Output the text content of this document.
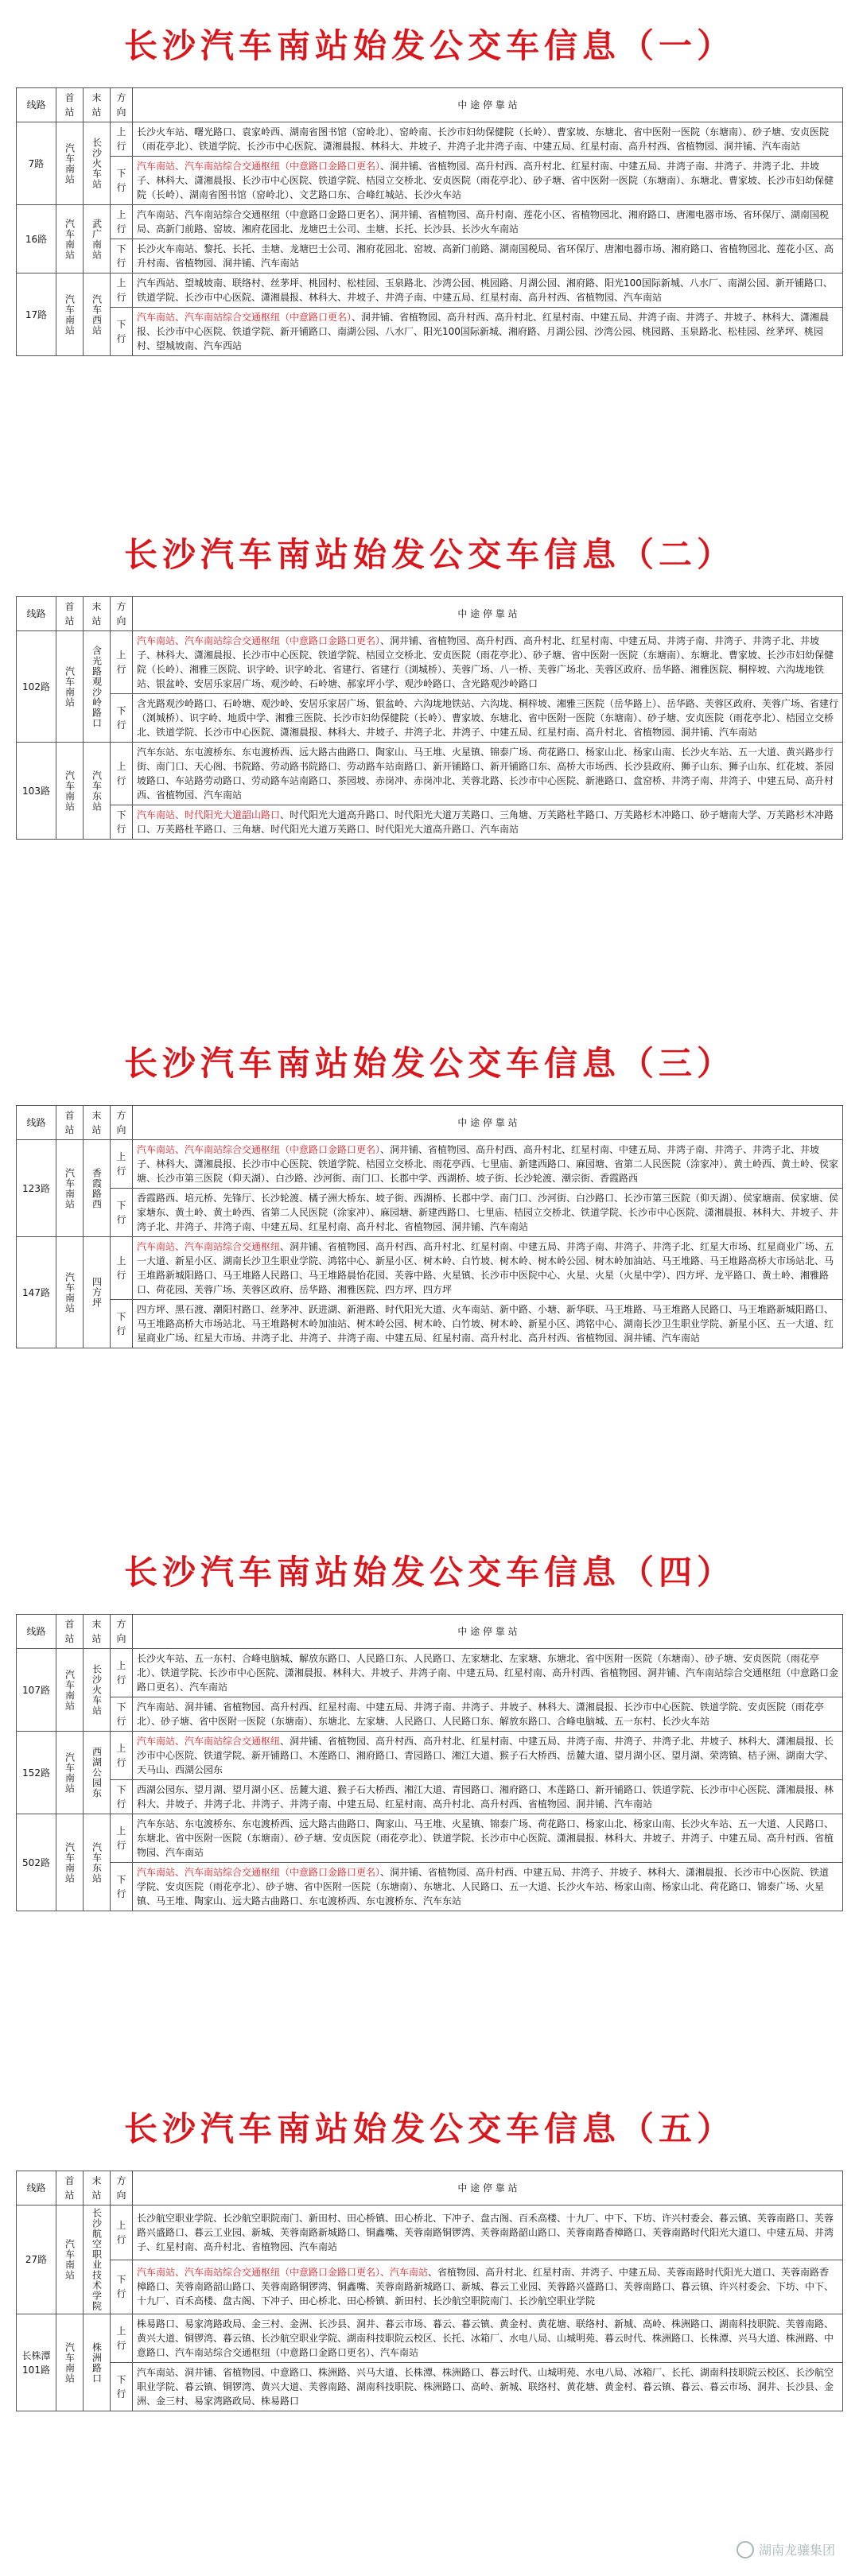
长沙汽车南站始发公交车信息（一）
线路	首站	末站	方向	中 途 停 靠 站
7路	汽车南站	长沙火车站	上行	长沙火车站、曙光路口、袁家岭西、湖南省图书馆（窑岭北）、窑岭南、长沙市妇幼保健院（长岭）、曹家坡、东塘北、省中医附一医院（东塘南）、砂子塘、安贞医院（雨花亭北）、铁道学院、长沙市中心医院、潇湘晨报、林科大、井坡子、井湾子北井湾子南、中建五局、红星村南、高升村西、省植物园、洞井铺、汽车南站
			下行	汽车南站、汽车南站综合交通枢纽（中意路口金路口更名）、洞井铺、省植物园、高升村西、高升村北、红星村南、中建五局、井湾子南、井湾子、井湾子北、井坡子、林科大、潇湘晨报、长沙市中心医院、铁道学院、桔园立交桥北、安贞医院（雨花亭北）、砂子塘、省中医附一医院（东塘南）、东塘北、曹家坡、长沙市妇幼保健院（长岭）、湖南省图书馆（窑岭北）、文艺路口东、合峰红城站、长沙火车站
16路	汽车南站	武广南站	上行	汽车南站、汽车南站综合交通枢纽（中意路口金路口更名）、洞井铺、省植物园、高升村南、莲花小区、省植物园北、湘府路口、唐湘电器市场、省环保厅、湖南国税局、高新门前路、窑坡、湘府花园北、龙塘巴士公司、圭塘、长托、长沙县、长沙火车南站
			下行	长沙火车南站、黎托、长托、圭塘、龙塘巴士公司、湘府花园北、窑坡、高新门前路、湖南国税局、省环保厅、唐湘电器市场、湘府路口、省植物园北、莲花小区、高升村南、省植物园、洞井铺、汽车南站
17路	汽车南站	汽车西站	上行	汽车西站、望城坡南、联络村、丝茅坪、桃园村、松桂园、玉泉路北、沙湾公园、桃园路、月湖公园、湘府路、阳光100国际新城、八水厂、南湖公园、新开铺路口、铁道学院、长沙市中心医院、潇湘晨报、林科大、井坡子、井湾子南、中建五局、红星村南、高升村西、省植物园、汽车南站
			下行	汽车南站、汽车南站综合交通枢纽（中意路口更名）、洞井铺、省植物园、高升村西、高升村北、红星村南、中建五局、井湾子南、井湾子、井坡子、林科大、潇湘晨报、长沙市中心医院、铁道学院、新开铺路口、南湖公园、八水厂、阳光100国际新城、湘府路、月湖公园、沙湾公园、桃园路、玉泉路北、松桂园、丝茅坪、桃园村、望城坡南、汽车西站
长沙汽车南站始发公交车信息（二）
线路	首站	末站	方向	中 途 停 靠 站
102路	汽车南站	含光路观沙岭路口	上行	汽车南站、汽车南站综合交通枢纽（中意路口金路口更名）、洞井铺、省植物园、高升村西、高升村北、红星村南、中建五局、井湾子南、井湾子、井湾子北、井坡子、林科大、潇湘晨报、长沙市中心医院、铁道学院、桔园立交桥北、安贞医院（雨花亭北）、砂子塘、省中医附一医院（东塘南）、东塘北、曹家坡、长沙市妇幼保健院（长岭）、湘雅三医院、识字岭、识字岭北、省建行、省建行（浏城桥）、芙蓉广场、八一桥、芙蓉广场北、芙蓉区政府、岳华路、湘雅医院、桐梓坡、六沟垅地铁站、银盆岭、安居乐家居广场、观沙岭、石岭塘、郝家坪小学、观沙岭路口、含光路观沙岭路口
			下行	含光路观沙岭路口、石岭塘、观沙岭、安居乐家居广场、银盆岭、六沟垅地铁站、六沟垅、桐梓坡、湘雅三医院（岳华路上）、岳华路、芙蓉区政府、芙蓉广场、省建行（浏城桥）、识字岭、地质中学、湘雅三医院、长沙市妇幼保健院（长岭）、曹家坡、东塘北、省中医附一医院（东塘南）、砂子塘、安贞医院（雨花亭北）、桔园立交桥北、铁道学院、长沙市中心医院、潇湘晨报、林科大、井坡子、井湾子北、井湾子、中建五局、红星村南、高升村北、省植物园、洞井铺、汽车南站
103路	汽车南站	汽车东站	上行	汽车东站、东屯渡桥东、东屯渡桥西、远大路古曲路口、陶家山、马王堆、火星镇、锦泰广场、荷花路口、杨家山北、杨家山南、长沙火车站、五一大道、黄兴路步行街、南门口、天心阁、书院路、劳动路书院路口、劳动路车站南路口、新开铺路口、新开铺路口东、高桥大市场西、长沙县政府、狮子山东、狮子山东、红花坡、茶园坡路口、车站路劳动路口、劳动路车站南路口、茶园坡、赤岗冲、赤岗冲北、芙蓉北路、长沙市中心医院、新港路口、盘窑桥、井湾子南、井湾子、中建五局、高升村西、省植物园、汽车南站
			下行	汽车南站、时代阳光大道韶山路口、时代阳光大道高升路口、时代阳光大道万芙路口、三角塘、万芙路杜芊路口、万芙路杉木冲路口、砂子塘南大学、万芙路杉木冲路口、万芙路杜芊路口、三角塘、时代阳光大道万芙路口、时代阳光大道高升路口、汽车南站
长沙汽车南站始发公交车信息（三）
线路	首站	末站	方向	中 途 停 靠 站
123路	汽车南站	香霞路西	上行	汽车南站、汽车南站综合交通枢纽（中意路口金路口更名）、洞井铺、省植物园、高升村西、高升村北、红星村南、中建五局、井湾子南、井湾子、井湾子北、井坡子、林科大、潇湘晨报、长沙市中心医院、铁道学院、桔园立交桥北、雨花亭西、七里庙、新建西路口、麻园塘、省第二人民医院（涂家冲）、黄土岭西、黄土岭、侯家塘、长沙市第三医院（仰天湖）、白沙路、沙河街、南门口、长郡中学、西湖桥、坡子街、长沙轮渡、潮宗街、香霞路西
			下行	香霞路西、培元桥、先锋厅、长沙轮渡、橘子洲大桥东、坡子街、西湖桥、长郡中学、南门口、沙河街、白沙路口、长沙市第三医院（仰天湖）、侯家塘南、侯家塘、侯家塘东、黄土岭、黄土岭西、省第二人民医院（涂家冲）、麻园塘、新建西路口、七里庙、桔园立交桥北、铁道学院、长沙市中心医院、潇湘晨报、林科大、井坡子、井湾子北、井湾子、井湾子南、中建五局、红星村南、高升村北、省植物园、洞井铺、汽车南站
147路	汽车南站	四方坪	上行	汽车南站、汽车南站综合交通枢纽、洞井铺、省植物园、高升村西、高升村北、红星村南、中建五局、井湾子南、井湾子、井湾子北、红星大市场、红星商业广场、五一大道、新星小区、湖南长沙卫生职业学院、鸿铭中心、新星小区、树木岭、白竹坡、树木岭、树木岭公园、树木岭加油站、马王堆路、马王堆路高桥大市场站北、马王堆路新城阳路口、马王堆路人民路口、马王堆路晨怡花园、芙蓉中路、火星镇、长沙市中医院中心、火星、火星（火星中学）、四方坪、龙平路口、黄土岭、湘雅路口、荷花园、芙蓉广场、芙蓉区政府、岳华路、湘雅医院、四方坪、四方坪
			下行	四方坪、黑石渡、潮阳村路口、丝茅冲、跃进湖、新港路、时代阳光大道、火车南站、新中路、小塘、新华联、马王堆路、马王堆路人民路口、马王堆路新城阳路口、马王堆路高桥大市场站北、马王堆路树木岭加油站、树木岭公园、树木岭、白竹坡、树木岭、新星小区、鸿铭中心、湖南长沙卫生职业学院、新星小区、五一大道、红星商业广场、红星大市场、井湾子北、井湾子、井湾子南、中建五局、红星村南、高升村北、高升村西、省植物园、洞井铺、汽车南站
长沙汽车南站始发公交车信息（四）
线路	首站	末站	方向	中 途 停 靠 站
107路	汽车南站	长沙火车站	上行	长沙火车站、五一东村、合峰电脑城、解放东路口、人民路口东、人民路口、左家塘北、左家塘、东塘北、省中医附一医院（东塘南）、砂子塘、安贞医院（雨花亭北）、铁道学院、长沙市中心医院、潇湘晨报、林科大、井坡子、井湾子南、中建五局、红星村南、高升村西、省植物园、洞井铺、汽车南站综合交通枢纽（中意路口金路口更名）、汽车南站
			下行	汽车南站、洞井铺、省植物园、高升村西、红星村南、中建五局、井湾子南、井湾子、井坡子、林科大、潇湘晨报、长沙市中心医院、铁道学院、安贞医院（雨花亭北）、砂子塘、省中医附一医院（东塘南）、东塘北、左家塘、人民路口、人民路口东、解放东路口、合峰电脑城、五一东村、长沙火车站
152路	汽车南站	西湖公园东	上行	汽车南站、汽车南站综合交通枢纽、洞井铺、省植物园、高升村西、高升村北、红星村南、中建五局、井湾子南、井湾子、井湾子北、井坡子、林科大、潇湘晨报、长沙市中心医院、铁道学院、新开铺路口、木莲路口、湘府路口、青园路口、湘江大道、猴子石大桥西、岳麓大道、望月湖小区、望月湖、荣湾镇、桔子洲、湖南大学、天马山、西湖公园东
			下行	西湖公园东、望月湖、望月湖小区、岳麓大道、猴子石大桥西、湘江大道、青园路口、湘府路口、木莲路口、新开铺路口、铁道学院、长沙市中心医院、潇湘晨报、林科大、井坡子、井湾子北、井湾子、井湾子南、中建五局、红星村南、高升村北、高升村西、省植物园、洞井铺、汽车南站
502路	汽车南站	汽车东站	上行	汽车东站、东屯渡桥东、东屯渡桥西、远大路古曲路口、陶家山、马王堆、火星镇、锦泰广场、荷花路口、杨家山北、杨家山南、长沙火车站、五一大道、人民路口、东塘北、省中医附一医院（东塘南）、砂子塘、安贞医院（雨花亭北）、铁道学院、长沙市中心医院、潇湘晨报、林科大、井坡子、井湾子、中建五局、高升村西、省植物园、汽车南站
			下行	汽车南站、汽车南站综合交通枢纽（中意路口金路口更名）、洞井铺、省植物园、高升村西、中建五局、井湾子、井坡子、林科大、潇湘晨报、长沙市中心医院、铁道学院、安贞医院（雨花亭北）、砂子塘、省中医附一医院（东塘南）、东塘北、人民路口、五一大道、长沙火车站、杨家山南、杨家山北、荷花路口、锦泰广场、火星镇、马王堆、陶家山、远大路古曲路口、东屯渡桥西、东屯渡桥东、汽车东站
长沙汽车南站始发公交车信息（五）
线路	首站	末站	方向	中 途 停 靠 站
27路	汽车南站	长沙航空职业技术学院	上行	长沙航空职业学院、长沙航空职院南门、新田村、田心桥镇、田心桥北、下冲子、盘古阁、百禾高楼、十九厂、中下、下坊、许兴村委会、暮云镇、芙蓉南路口、芙蓉路兴盛路口、暮云工业园、新城、芙蓉南路新城路口、铜鑫嘴、芙蓉南路铜锣湾、芙蓉南路韶山路口、芙蓉南路香樟路口、芙蓉南路时代阳光大道口、中建五局、井湾子、红星村南、高升村北、省植物园、汽车南站
			下行	汽车南站、汽车南站综合交通枢纽（中意路口金路口更名）、汽车南站、省植物园、高升村北、红星村南、井湾子、中建五局、芙蓉南路时代阳光大道口、芙蓉南路香樟路口、芙蓉南路韶山路口、芙蓉南路铜锣湾、铜鑫嘴、芙蓉南路新城路口、新城、暮云工业园、芙蓉路兴盛路口、芙蓉南路口、暮云镇、许兴村委会、下坊、中下、十九厂、百禾高楼、盘古阁、下冲子、田心桥北、田心桥镇、新田村、长沙航空职院南门、长沙航空职业学院
长株潭101路	汽车南站	株洲路口	上行	株易路口、易家湾路政局、金三村、金洲、长沙县、洞井、暮云市场、暮云、暮云镇、黄金村、黄花塘、联络村、新城、高岭、株洲路口、湖南科技职院、芙蓉南路、黄兴大道、铜锣湾、暮云镇、长沙航空职业学院、湖南科技职院云校区、长托、冰箱厂、水电八局、山城明苑、暮云时代、株洲路口、长株潭、兴马大道、株洲路、中意路口、汽车南站综合交通枢纽（中意路口金路口更名）、汽车南站
			下行	汽车南站、洞井铺、省植物园、中意路口、株洲路、兴马大道、长株潭、株洲路口、暮云时代、山城明苑、水电八局、冰箱厂、长托、湖南科技职院云校区、长沙航空职业学院、暮云镇、铜锣湾、黄兴大道、芙蓉南路、湖南科技职院、株洲路口、高岭、新城、联络村、黄花塘、黄金村、暮云镇、暮云、暮云市场、洞井、长沙县、金洲、金三村、易家湾路政局、株易路口
湖南龙骧集团
